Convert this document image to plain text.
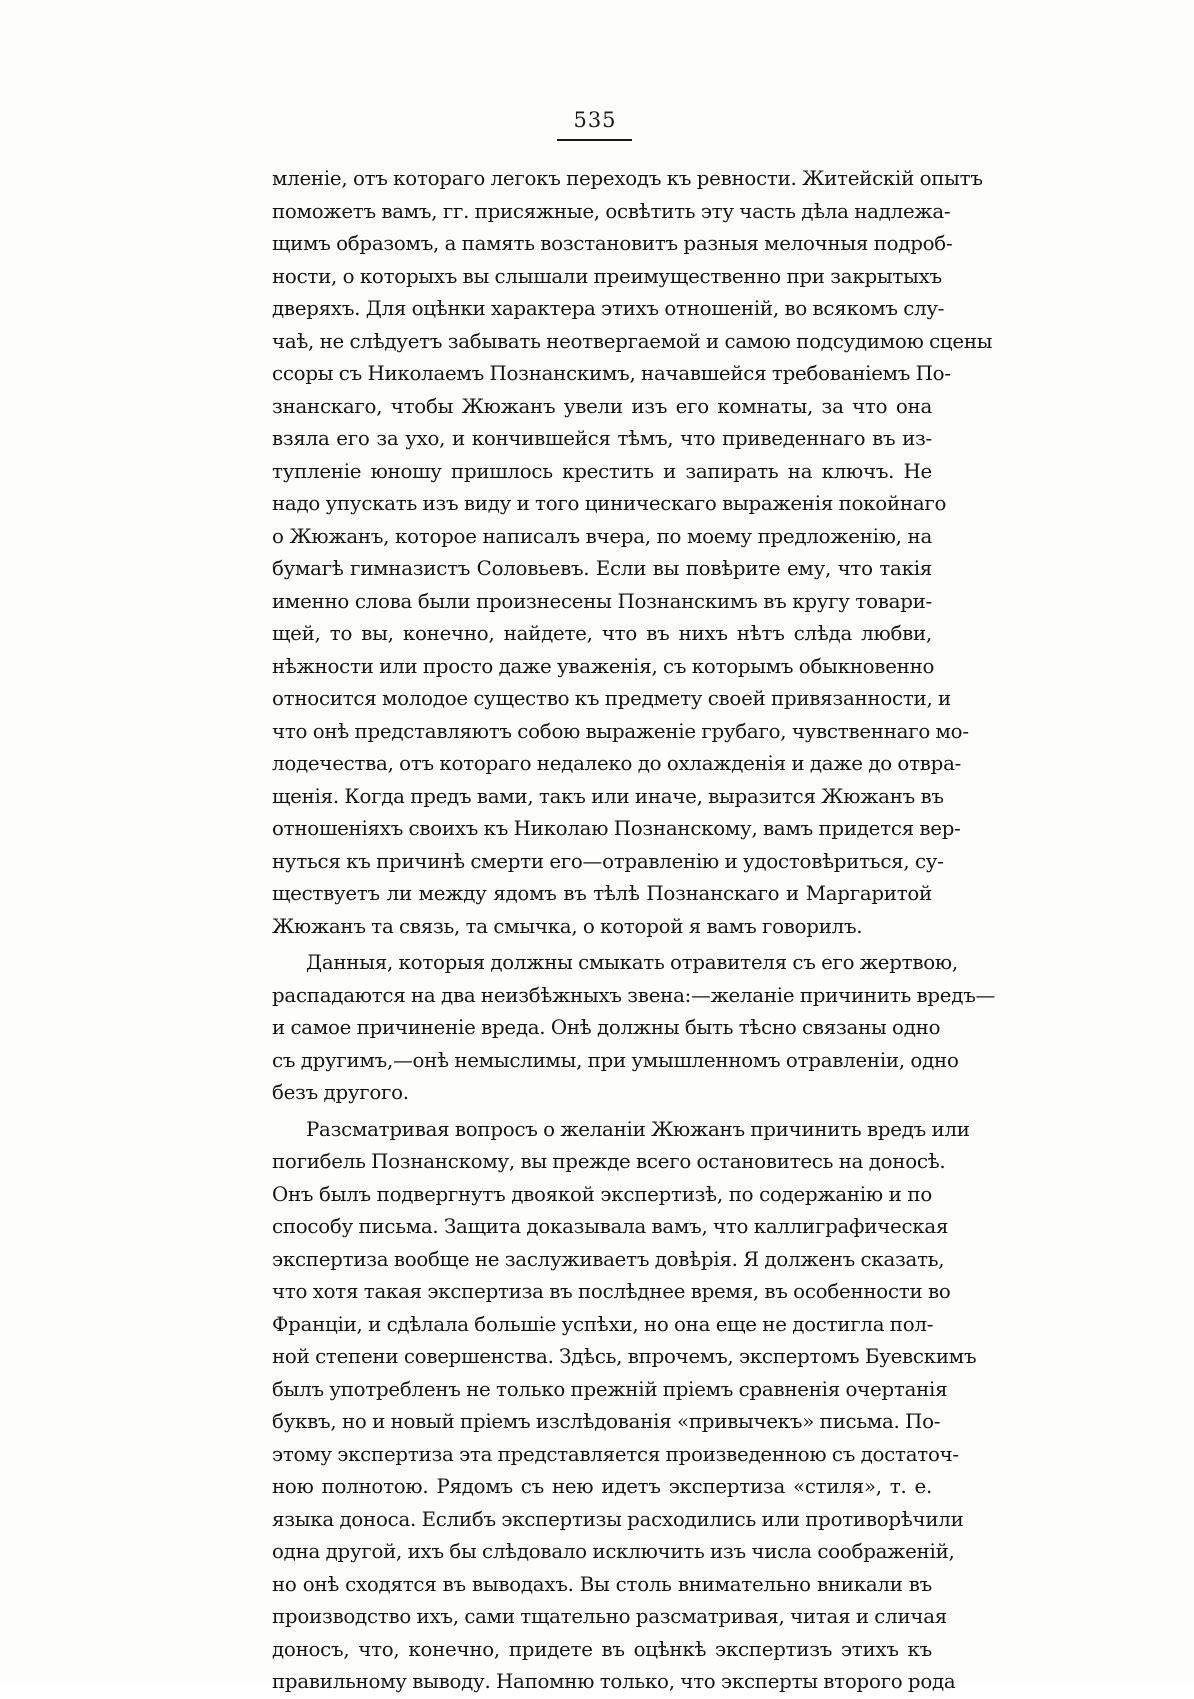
535
мленіе, отъ котораго легокъ переходъ къ ревности. Житейскій опытъ
поможетъ вамъ, гг. присяжные, освѣтить эту часть дѣла надлежа-
щимъ образомъ, а память возстановитъ разныя мелочныя подроб-
ности, о которыхъ вы слышали преимущественно при закрытыхъ
дверяхъ. Для оцѣнки характера этихъ отношеній, во всякомъ слу-
чаѣ, не слѣдуетъ забывать неотвергаемой и самою подсудимою сцены
ссоры съ Николаемъ Познанскимъ, начавшейся требованіемъ По-
знанскаго, чтобы Жюжанъ увели изъ его комнаты, за что она
взяла его за ухо, и кончившейся тѣмъ, что приведеннаго въ из-
тупленіе юношу пришлось крестить и запирать на ключъ. Не
надо упускать изъ виду и того циническаго выраженія покойнаго
о Жюжанъ, которое написалъ вчера, по моему предложенію, на
бумагѣ гимназистъ Соловьевъ. Если вы повѣрите ему, что такія
именно слова были произнесены Познанскимъ въ кругу товари-
щей, то вы, конечно, найдете, что въ нихъ нѣтъ слѣда любви,
нѣжности или просто даже уваженія, съ которымъ обыкновенно
относится молодое существо къ предмету своей привязанности, и
что онѣ представляютъ собою выраженіе грубаго, чувственнаго мо-
лодечества, отъ котораго недалеко до охлажденія и даже до отвра-
щенія. Когда предъ вами, такъ или иначе, выразится Жюжанъ въ
отношеніяхъ своихъ къ Николаю Познанскому, вамъ придется вер-
нуться къ причинѣ смерти его—отравленію и удостовѣриться, су-
ществуетъ ли между ядомъ въ тѣлѣ Познанскаго и Маргаритой
Жюжанъ та связь, та смычка, о которой я вамъ говорилъ.
Данныя, которыя должны смыкать отравителя съ его жертвою,
распадаются на два неизбѣжныхъ звена:—желаніе причинить вредъ—
и самое причиненіе вреда. Онѣ должны быть тѣсно связаны одно
съ другимъ,—онѣ немыслимы, при умышленномъ отравленіи, одно
безъ другого.
Разсматривая вопросъ о желаніи Жюжанъ причинить вредъ или
погибель Познанскому, вы прежде всего остановитесь на доносѣ.
Онъ былъ подвергнутъ двоякой экспертизѣ, по содержанію и по
способу письма. Защита доказывала вамъ, что каллиграфическая
экспертиза вообще не заслуживаетъ довѣрія. Я долженъ сказать,
что хотя такая экспертиза въ послѣднее время, въ особенности во
Франціи, и сдѣлала большіе успѣхи, но она еще не достигла пол-
ной степени совершенства. Здѣсь, впрочемъ, экспертомъ Буевскимъ
былъ употребленъ не только прежній пріемъ сравненія очертанія
буквъ, но и новый пріемъ изслѣдованія «привычекъ» письма. По-
этому экспертиза эта представляется произведенною съ достаточ-
ною полнотою. Рядомъ съ нею идетъ экспертиза «стиля», т. е.
языка доноса. Еслибъ экспертизы расходились или противорѣчили
одна другой, ихъ бы слѣдовало исключить изъ числа соображеній,
но онѣ сходятся въ выводахъ. Вы столь внимательно вникали въ
производство ихъ, сами тщательно разсматривая, читая и сличая
доносъ, что, конечно, придете въ оцѣнкѣ экспертизъ этихъ къ
правильному выводу. Напомню только, что эксперты второго рода
